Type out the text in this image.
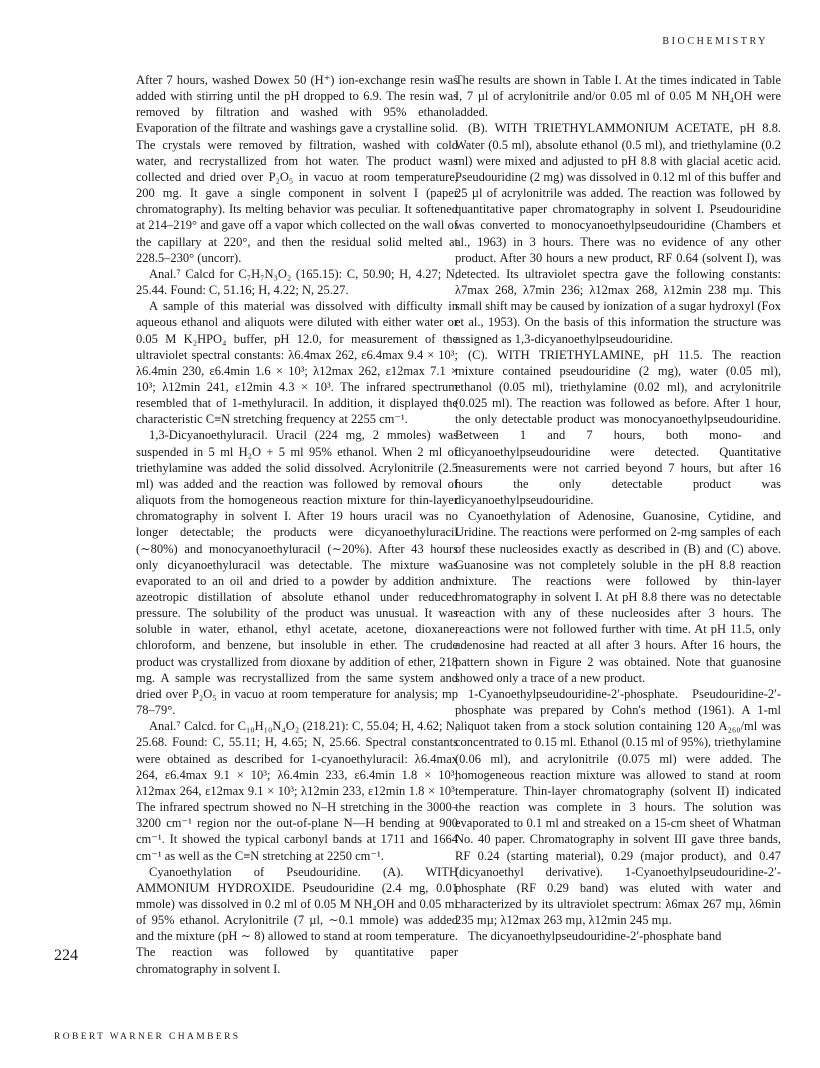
BIOCHEMISTRY

After 7 hours, washed Dowex 50 (H⁺) ion-exchange resin was added with stirring until the pH dropped to 6.9. The resin was removed by filtration and washed with 95% ethanol. Evaporation of the filtrate and washings gave a crystalline solid. The crystals were removed by filtration, washed with cold water, and recrystallized from hot water. The product was collected and dried over P₂O₅ in vacuo at room temperature, 200 mg. It gave a single component in solvent I (paper chromatography). Its melting behavior was peculiar. It softened at 214–219° and gave off a vapor which collected on the wall of the capillary at 220°, and then the residual solid melted at 228.5–230° (uncorr).

Anal.⁷ Calcd for C₇H₇N₃O₂ (165.15): C, 50.90; H, 4.27; N, 25.44. Found: C, 51.16; H, 4.22; N, 25.27.

A sample of this material was dissolved with difficulty in aqueous ethanol and aliquots were diluted with either water or 0.05 M K₂HPO₄ buffer, pH 12.0, for measurement of the ultraviolet spectral constants: λ6.4max 262, ε6.4max 9.4 × 10³; λ6.4min 230, ε6.4min 1.6 × 10³; λ12max 262, ε12max 7.1 × 10³; λ12min 241, ε12min 4.3 × 10³. The infrared spectrum resembled that of 1-methyluracil. In addition, it displayed the characteristic C≡N stretching frequency at 2255 cm⁻¹.

1,3-Dicyanoethyluracil. Uracil (224 mg, 2 mmoles) was suspended in 5 ml H₂O + 5 ml 95% ethanol. When 2 ml of triethylamine was added the solid dissolved. Acrylonitrile (2.5 ml) was added and the reaction was followed by removal of aliquots from the homogeneous reaction mixture for thin-layer chromatography in solvent I. After 19 hours uracil was no longer detectable; the products were dicyanoethyluracil (∼80%) and monocyanoethyluracil (∼20%). After 43 hours only dicyanoethyluracil was detectable. The mixture was evaporated to an oil and dried to a powder by addition and azeotropic distillation of absolute ethanol under reduced pressure. The solubility of the product was unusual. It was soluble in water, ethanol, ethyl acetate, acetone, dioxane, chloroform, and benzene, but insoluble in ether. The crude product was crystallized from dioxane by addition of ether, 218 mg. A sample was recrystallized from the same system and dried over P₂O₅ in vacuo at room temperature for analysis; mp 78–79°.

Anal.⁷ Calcd. for C₁₀H₁₀N₄O₂ (218.21): C, 55.04; H, 4.62; N, 25.68. Found: C, 55.11; H, 4.65; N, 25.66. Spectral constants were obtained as described for 1-cyanoethyluracil: λ6.4max 264, ε6.4max 9.1 × 10³; λ6.4min 233, ε6.4min 1.8 × 10³; λ12max 264, ε12max 9.1 × 10³; λ12min 233, ε12min 1.8 × 10³. The infrared spectrum showed no N–H stretching in the 3000–3200 cm⁻¹ region nor the out-of-plane N—H bending at 900 cm⁻¹. It showed the typical carbonyl bands at 1711 and 1664 cm⁻¹ as well as the C≡N stretching at 2250 cm⁻¹.

Cyanoethylation of Pseudouridine. (A). WITH AMMONIUM HYDROXIDE. Pseudouridine (2.4 mg, 0.01 mmole) was dissolved in 0.2 ml of 0.05 M NH₄OH and 0.05 ml of 95% ethanol. Acrylonitrile (7 µl, ∼0.1 mmole) was added and the mixture (pH ∼ 8) allowed to stand at room temperature. The reaction was followed by quantitative paper chromatography in solvent I.

The results are shown in Table I. At the times indicated in Table I, 7 µl of acrylonitrile and/or 0.05 ml of 0.05 M NH₄OH were added.

(B). WITH TRIETHYLAMMONIUM ACETATE, pH 8.8. Water (0.5 ml), absolute ethanol (0.5 ml), and triethylamine (0.2 ml) were mixed and adjusted to pH 8.8 with glacial acetic acid. Pseudouridine (2 mg) was dissolved in 0.12 ml of this buffer and 25 µl of acrylonitrile was added. The reaction was followed by quantitative paper chromatography in solvent I. Pseudouridine was converted to monocyanoethylpseudouridine (Chambers et al., 1963) in 3 hours. There was no evidence of any other product. After 30 hours a new product, RF 0.64 (solvent I), was detected. Its ultraviolet spectra gave the following constants: λ7max 268, λ7min 236; λ12max 268, λ12min 238 mµ. This small shift may be caused by ionization of a sugar hydroxyl (Fox et al., 1953). On the basis of this information the structure was assigned as 1,3-dicyanoethylpseudouridine.

(C). WITH TRIETHYLAMINE, pH 11.5. The reaction mixture contained pseudouridine (2 mg), water (0.05 ml), ethanol (0.05 ml), triethylamine (0.02 ml), and acrylonitrile (0.025 ml). The reaction was followed as before. After 1 hour, the only detectable product was monocyanoethylpseudouridine. Between 1 and 7 hours, both mono- and dicyanoethylpseudouridine were detected. Quantitative measurements were not carried beyond 7 hours, but after 16 hours the only detectable product was dicyanoethylpseudouridine.

Cyanoethylation of Adenosine, Guanosine, Cytidine, and Uridine. The reactions were performed on 2-mg samples of each of these nucleosides exactly as described in (B) and (C) above. Guanosine was not completely soluble in the pH 8.8 reaction mixture. The reactions were followed by thin-layer chromatography in solvent I. At pH 8.8 there was no detectable reaction with any of these nucleosides after 3 hours. The reactions were not followed further with time. At pH 11.5, only adenosine had reacted at all after 3 hours. After 16 hours, the pattern shown in Figure 2 was obtained. Note that guanosine showed only a trace of a new product.

1-Cyanoethylpseudouridine-2′-phosphate. Pseudouridine-2′-phosphate was prepared by Cohn's method (1961). A 1-ml aliquot taken from a stock solution containing 120 A₂₆₀/ml was concentrated to 0.15 ml. Ethanol (0.15 ml of 95%), triethylamine (0.06 ml), and acrylonitrile (0.075 ml) were added. The homogeneous reaction mixture was allowed to stand at room temperature. Thin-layer chromatography (solvent II) indicated the reaction was complete in 3 hours. The solution was evaporated to 0.1 ml and streaked on a 15-cm sheet of Whatman No. 40 paper. Chromatography in solvent III gave three bands, RF 0.24 (starting material), 0.29 (major product), and 0.47 (dicyanoethyl derivative). 1-Cyanoethylpseudouridine-2′-phosphate (RF 0.29 band) was eluted with water and characterized by its ultraviolet spectrum: λ6max 267 mµ, λ6min 235 mµ; λ12max 263 mµ, λ12min 245 mµ.

The dicyanoethylpseudouridine-2′-phosphate band

224
ROBERT WARNER CHAMBERS
